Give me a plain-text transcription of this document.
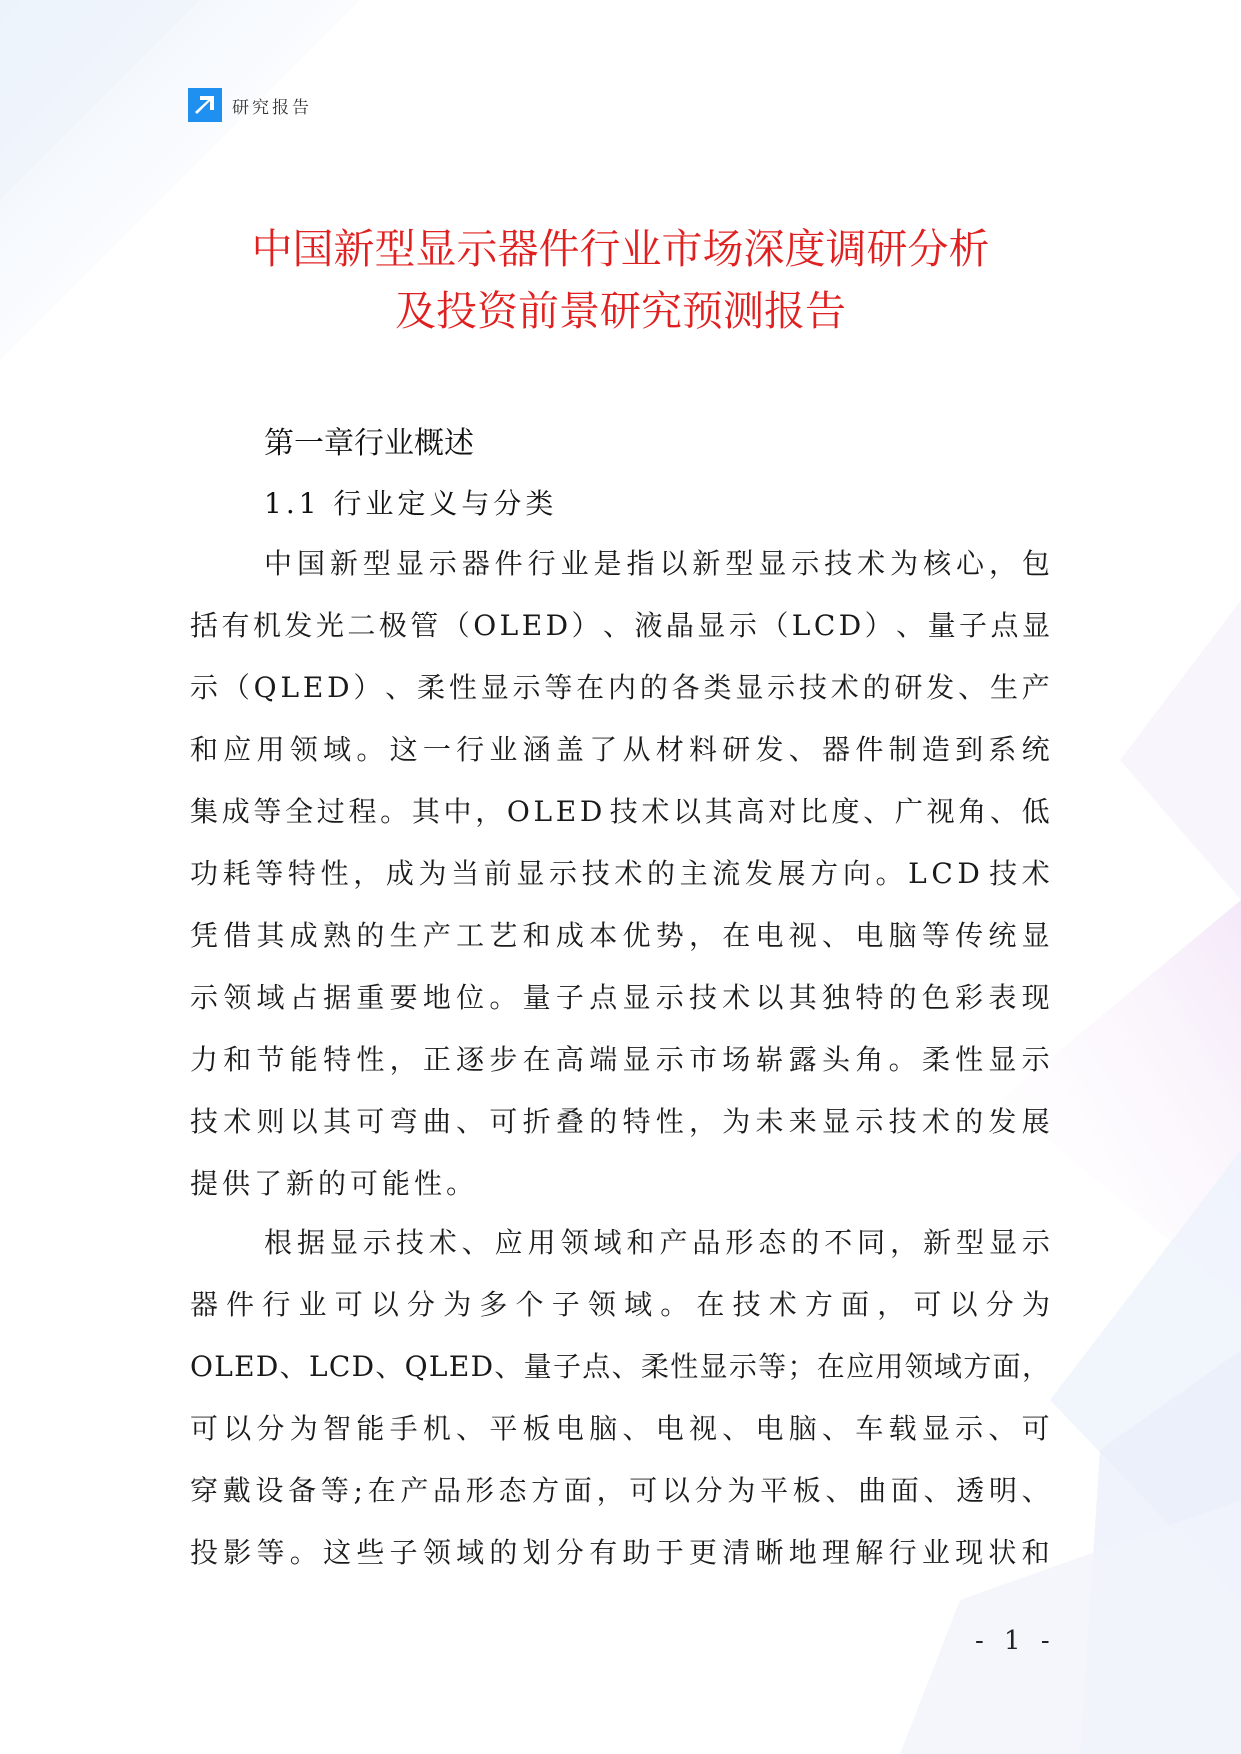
研究报告
中国新型显示器件行业市场深度调研分析
及投资前景研究预测报告
第一章行业概述
1.1 行业定义与分类
中 国 新 型 显 示 器 件 行 业 是 指 以 新 型 显 示 技 术 为 核 心 ， 包
括 有 机 发 光 二 极 管 （ O L E D ） 、 液 晶 显 示 （ L C D ） 、 量 子 点 显
示 （ Q L E D ） 、 柔 性 显 示 等 在 内 的 各 类 显 示 技 术 的 研 发 、 生 产
和 应 用 领 域 。 这 一 行 业 涵 盖 了 从 材 料 研 发 、 器 件 制 造 到 系 统
集 成 等 全 过 程 。 其 中 ， O L E D 技 术 以 其 高 对 比 度 、 广 视 角 、 低
功 耗 等 特 性 ， 成 为 当 前 显 示 技 术 的 主 流 发 展 方 向 。 L C D 技 术
凭 借 其 成 熟 的 生 产 工 艺 和 成 本 优 势 ， 在 电 视 、 电 脑 等 传 统 显
示 领 域 占 据 重 要 地 位 。 量 子 点 显 示 技 术 以 其 独 特 的 色 彩 表 现
力 和 节 能 特 性 ， 正 逐 步 在 高 端 显 示 市 场 崭 露 头 角 。 柔 性 显 示
技 术 则 以 其 可 弯 曲 、 可 折 叠 的 特 性 ， 为 未 来 显 示 技 术 的 发 展
提供了新的可能性。
根 据 显 示 技 术 、 应 用 领 域 和 产 品 形 态 的 不 同 ， 新 型 显 示
器 件 行 业 可 以 分 为 多 个 子 领 域 。 在 技 术 方 面 ， 可 以 分 为
O L E D 、 L C D 、 Q L E D 、 量 子 点 、 柔 性 显 示 等 ； 在 应 用 领 域 方 面 ，
可 以 分 为 智 能 手 机 、 平 板 电 脑 、 电 视 、 电 脑 、 车 载 显 示 、 可
穿 戴 设 备 等 ; 在 产 品 形 态 方 面 ， 可 以 分 为 平 板 、 曲 面 、 透 明 、
投 影 等 。 这 些 子 领 域 的 划 分 有 助 于 更 清 晰 地 理 解 行 业 现 状 和
- 1 -
